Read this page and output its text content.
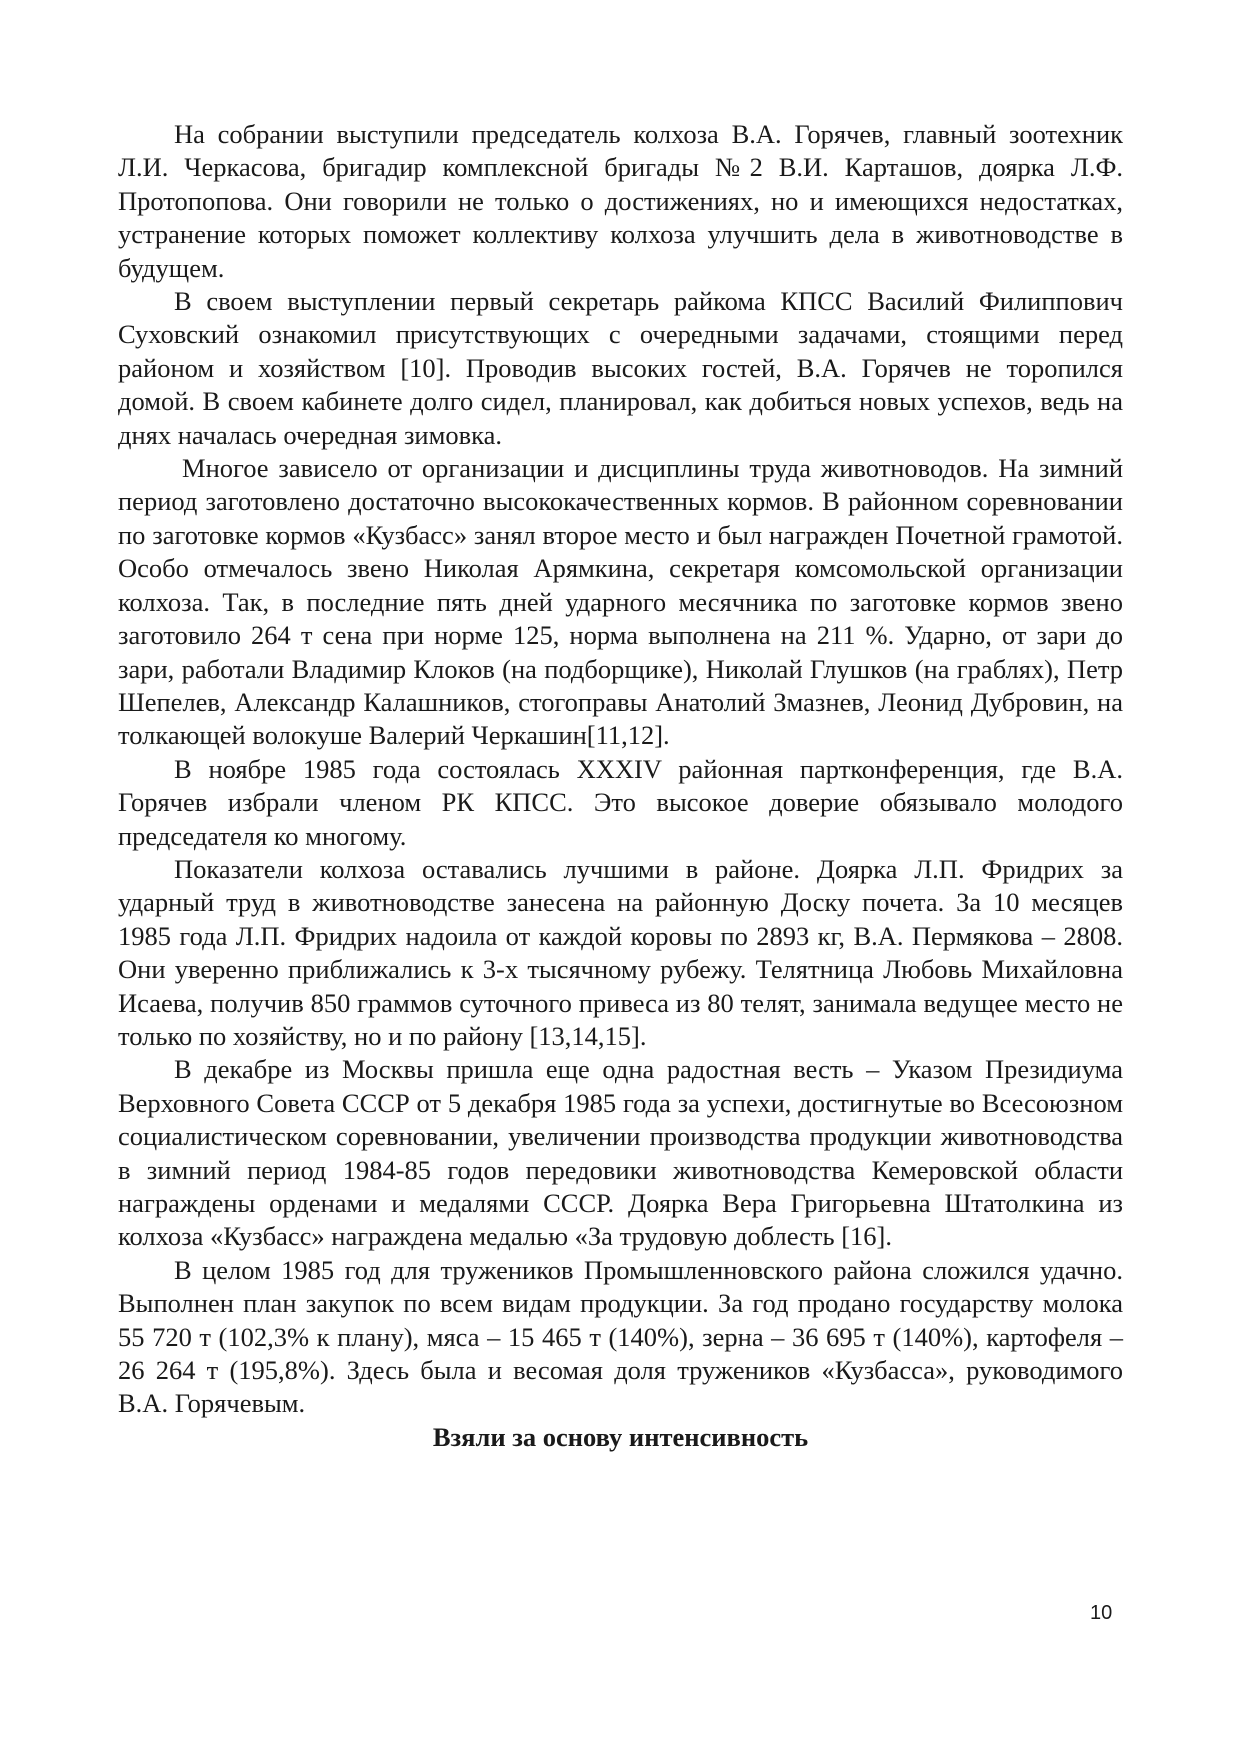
На собрании выступили председатель колхоза В.А. Горячев, главный зоотехник Л.И. Черкасова, бригадир комплексной бригады №2 В.И. Карташов, доярка Л.Ф. Протопопова. Они говорили не только о достижениях, но и имеющихся недостатках, устранение которых поможет коллективу колхоза улучшить дела в животноводстве в будущем.

В своем выступлении первый секретарь райкома КПСС Василий Филиппович Суховский ознакомил присутствующих с очередными задачами, стоящими перед районом и хозяйством [10]. Проводив высоких гостей, В.А. Горячев не торопился домой. В своем кабинете долго сидел, планировал, как добиться новых успехов, ведь на днях началась очередная зимовка.

Многое зависело от организации и дисциплины труда животноводов. На зимний период заготовлено достаточно высококачественных кормов. В районном соревновании по заготовке кормов «Кузбасс» занял второе место и был награжден Почетной грамотой. Особо отмечалось звено Николая Арямкина, секретаря комсомольской организации колхоза. Так, в последние пять дней ударного месячника по заготовке кормов звено заготовило 264 т сена при норме 125, норма выполнена на 211 %. Ударно, от зари до зари, работали Владимир Клоков (на подборщике), Николай Глушков (на граблях), Петр Шепелев, Александр Калашников, стогоправы Анатолий Змазнев, Леонид Дубровин, на толкающей волокуше Валерий Черкашин[11,12].

В ноябре 1985 года состоялась XXXIV районная партконференция, где В.А. Горячев избрали членом РК КПСС. Это высокое доверие обязывало молодого председателя ко многому.

Показатели колхоза оставались лучшими в районе. Доярка Л.П. Фридрих за ударный труд в животноводстве занесена на районную Доску почета. За 10 месяцев 1985 года Л.П. Фридрих надоила от каждой коровы по 2893 кг, В.А. Пермякова – 2808. Они уверенно приближались к 3-х тысячному рубежу. Телятница Любовь Михайловна Исаева, получив 850 граммов суточного привеса из 80 телят, занимала ведущее место не только по хозяйству, но и по району [13,14,15].

В декабре из Москвы пришла еще одна радостная весть – Указом Президиума Верховного Совета СССР от 5 декабря 1985 года за успехи, достигнутые во Всесоюзном социалистическом соревновании, увеличении производства продукции животноводства в зимний период 1984-85 годов передовики животноводства Кемеровской области награждены орденами и медалями СССР. Доярка Вера Григорьевна Штатолкина из колхоза «Кузбасс» награждена медалью «За трудовую доблесть [16].

В целом 1985 год для тружеников Промышленновского района сложился удачно. Выполнен план закупок по всем видам продукции. За год продано государству молока 55 720 т (102,3% к плану), мяса – 15 465 т (140%), зерна – 36 695 т (140%), картофеля – 26 264 т (195,8%). Здесь была и весомая доля тружеников «Кузбасса», руководимого В.А. Горячевым.

Взяли за основу интенсивность

10
